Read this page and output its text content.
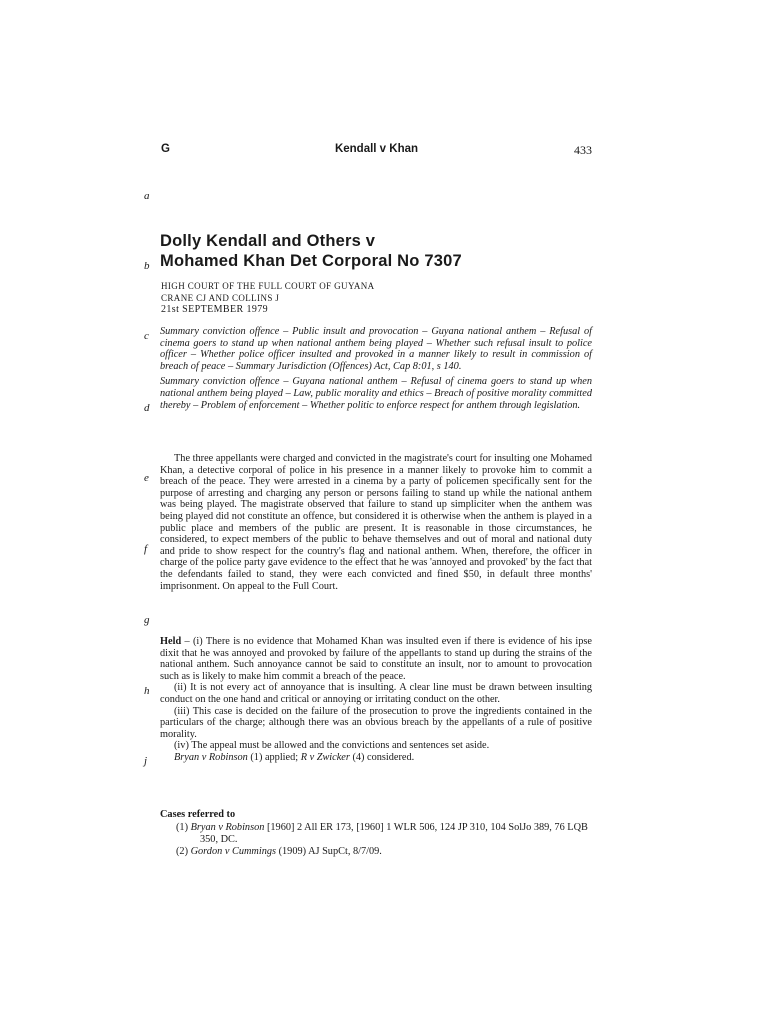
G	Kendall v Khan	433
a
b
c
d
e
f
g
h
j
Dolly Kendall and Others v
Mohamed Khan Det Corporal No 7307
HIGH COURT OF THE FULL COURT OF GUYANA
CRANE CJ AND COLLINS J
21st SEPTEMBER 1979

Summary conviction offence – Public insult and provocation – Guyana national anthem – Refusal of cinema goers to stand up when national anthem being played – Whether such refusal insult to police officer – Whether police officer insulted and provoked in a manner likely to result in commission of breach of peace – Summary Jurisdiction (Offences) Act, Cap 8:01, s 140.

Summary conviction offence – Guyana national anthem – Refusal of cinema goers to stand up when national anthem being played – Law, public morality and ethics – Breach of positive morality committed thereby – Problem of enforcement – Whether politic to enforce respect for anthem through legislation.

The three appellants were charged and convicted in the magistrate's court for insulting one Mohamed Khan, a detective corporal of police in his presence in a manner likely to provoke him to commit a breach of the peace. They were arrested in a cinema by a party of policemen specifically sent for the purpose of arresting and charging any person or persons failing to stand up while the national anthem was being played. The magistrate observed that failure to stand up simpliciter when the anthem was being played did not constitute an offence, but considered it is otherwise when the anthem is played in a public place and members of the public are present. It is reasonable in those circumstances, he considered, to expect members of the public to behave themselves and out of moral and national duty and pride to show respect for the country's flag and national anthem. When, therefore, the officer in charge of the police party gave evidence to the effect that he was 'annoyed and provoked' by the fact that the defendants failed to stand, they were each convicted and fined $50, in default three months' imprisonment. On appeal to the Full Court.

Held – (i) There is no evidence that Mohamed Khan was insulted even if there is evidence of his ipse dixit that he was annoyed and provoked by failure of the appellants to stand up during the strains of the national anthem. Such annoyance cannot be said to constitute an insult, nor to amount to provocation such as is likely to make him commit a breach of the peace.

(ii) It is not every act of annoyance that is insulting. A clear line must be drawn between insulting conduct on the one hand and critical or annoying or irritating conduct on the other.

(iii) This case is decided on the failure of the prosecution to prove the ingredients contained in the particulars of the charge; although there was an obvious breach by the appellants of a rule of positive morality.

(iv) The appeal must be allowed and the convictions and sentences set aside.

Bryan v Robinson (1) applied; R v Zwicker (4) considered.

Cases referred to

(1) Bryan v Robinson [1960] 2 All ER 173, [1960] 1 WLR 506, 124 JP 310, 104 SolJo 389, 76 LQB 350, DC.

(2) Gordon v Cummings (1909) AJ SupCt, 8/7/09.
